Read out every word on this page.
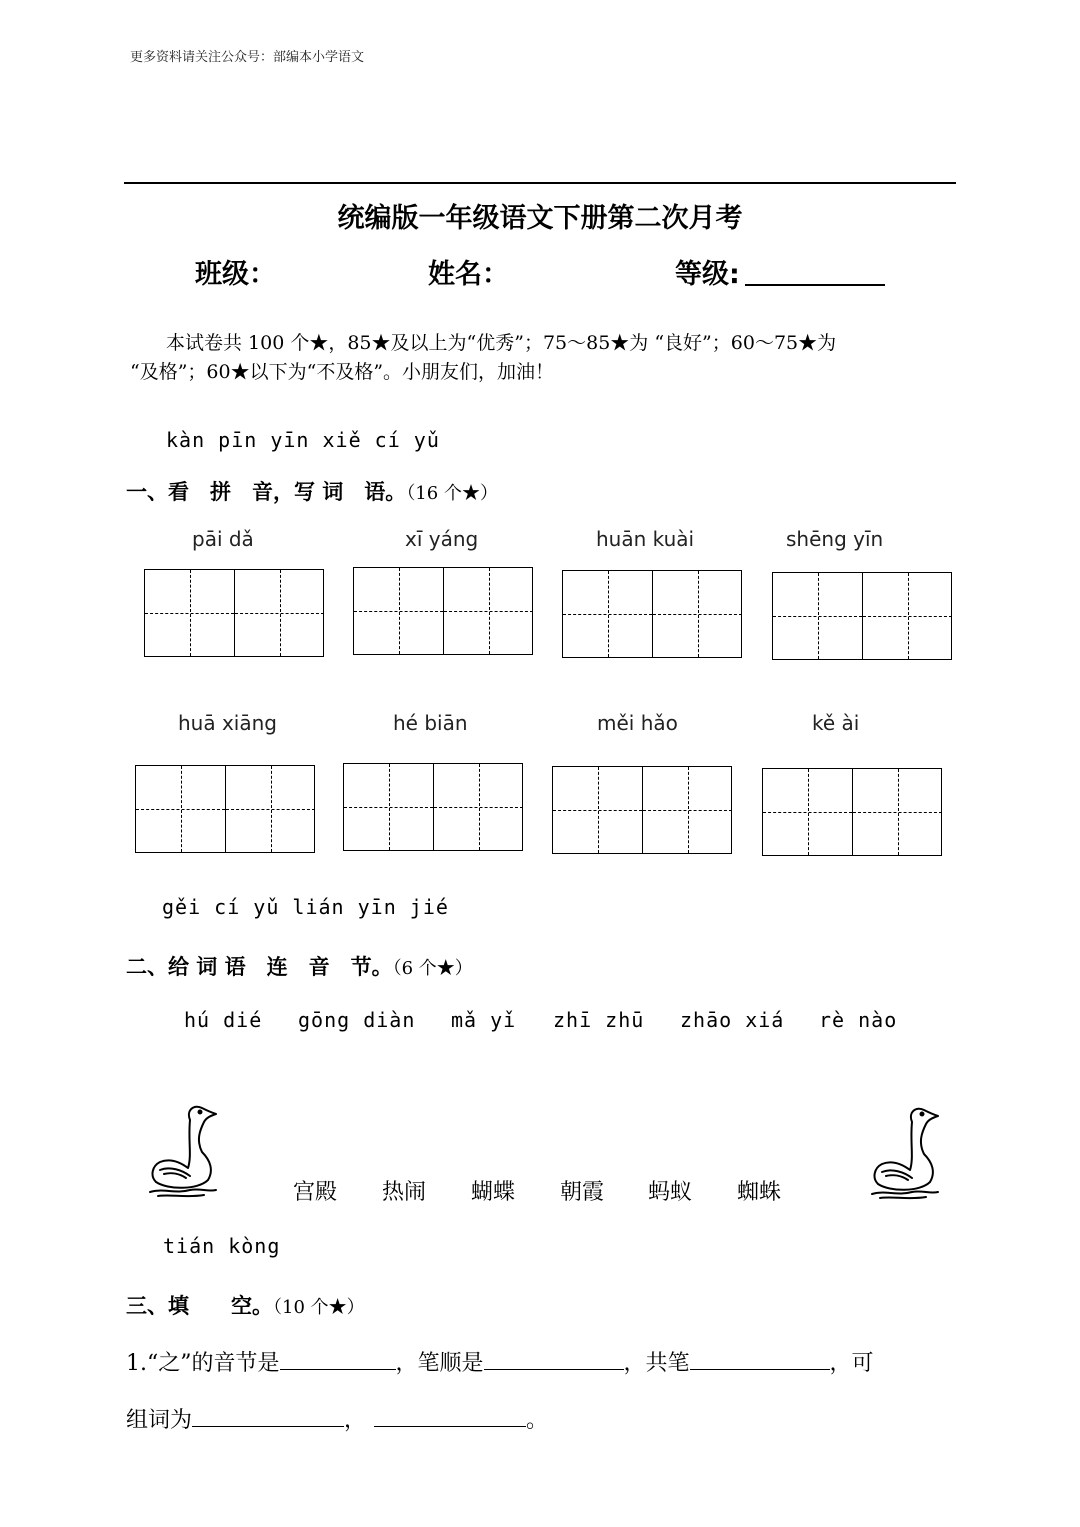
更多资料请关注公众号：部编本小学语文
统编版一年级语文下册第二次月考
班级：	姓名：	等级:
本试卷共 100 个★，85★及以上为“优秀”；75～85★为 “良好”；60～75★为
“及格”；60★以下为“不及格”。小朋友们，加油！
kàn pīn yīn xiě cí yǔ
一、看　拼　音，写 词　语。（16 个★）
pāi dǎ	xī yáng	huān kuài	shēng yīn
huā xiāng	hé biān	měi hǎo	kě ài
gěi cí yǔ lián yīn jié
二、给 词 语　连　音　节。（6 个★）
hú dié gōng diàn mǎ yǐ zhī zhū zhāo xiá rè nào
宫殿 热闹 蝴蝶 朝霞 蚂蚁 蜘蛛
tián kòng
三、填　　空。（10 个★）
1.“之”的音节是	，笔顺是	，共笔	，可
组词为	，	。
